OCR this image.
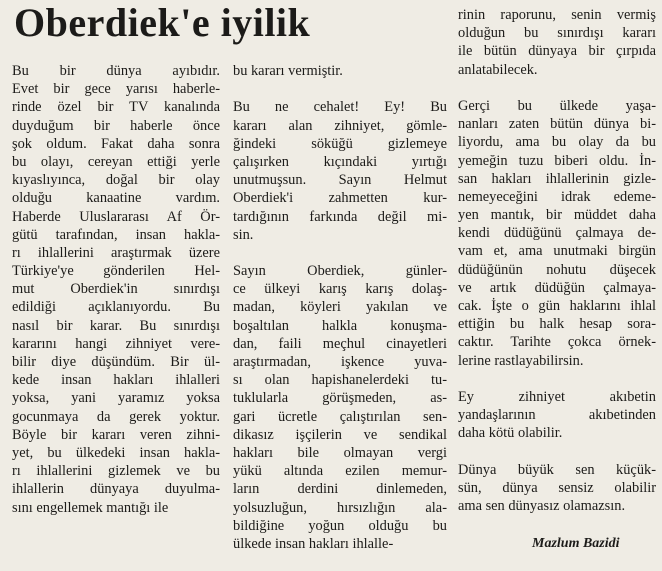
Oberdiek'e iyilik
Bu bir dünya ayıbıdır.
Evet bir gece yarısı haberle-
rinde özel bir TV kanalında
duyduğum bir haberle önce
şok oldum. Fakat daha sonra
bu olayı, cereyan ettiği yerle
kıyaslıyınca, doğal bir olay
olduğu kanaatine vardım.
Haberde Uluslararası Af Ör-
gütü tarafından, insan hakla-
rı ihlallerini araştırmak üzere
Türkiye'ye gönderilen Hel-
mut Oberdiek'in sınırdışı
edildiği açıklanıyordu. Bu
nasıl bir karar. Bu sınırdışı
kararını hangi zihniyet vere-
bilir diye düşündüm. Bir ül-
kede insan hakları ihlalleri
yoksa, yani yaramız yoksa
gocunmaya da gerek yoktur.
Böyle bir kararı veren zihni-
yet, bu ülkedeki insan hakla-
rı ihlallerini gizlemek ve bu
ihlallerin dünyaya duyulma-
sını engellemek mantığı ile
bu kararı vermiştir.
Bu ne cehalet! Ey! Bu
kararı alan zihniyet, gömle-
ğindeki söküğü gizlemeye
çalışırken kıçındaki yırtığı
unutmuşsun. Sayın Helmut
Oberdiek'i zahmetten kur-
tardığının farkında değil mi-
sin.
Sayın Oberdiek, günler-
ce ülkeyi karış karış dolaş-
madan, köyleri yakılan ve
boşaltılan halkla konuşma-
dan, faili meçhul cinayetleri
araştırmadan, işkence yuva-
sı olan hapishanelerdeki tu-
tuklularla görüşmeden, as-
gari ücretle çalıştırılan sen-
dikasız işçilerin ve sendikal
hakları bile olmayan vergi
yükü altında ezilen memur-
ların derdini dinlemeden,
yolsuzluğun, hırsızlığın ala-
bildiğine yoğun olduğu bu
ülkede insan hakları ihlalle-
rinin raporunu, senin vermiş
olduğun bu sınırdışı kararı
ile bütün dünyaya bir çırpıda
anlatabilecek.
Gerçi bu ülkede yaşa-
nanları zaten bütün dünya bi-
liyordu, ama bu olay da bu
yemeğin tuzu biberi oldu. İn-
san hakları ihlallerinin gizle-
nemeyeceğini idrak edeme-
yen mantık, bir müddet daha
kendi düdüğünü çalmaya de-
vam et, ama unutmaki birgün
düdüğünün nohutu düşecek
ve artık düdüğün çalmaya-
cak. İşte o gün haklarını ihlal
ettiğin bu halk hesap sora-
caktır. Tarihte çokca örnek-
lerine rastlayabilirsin.
Ey zihniyet akıbetin
yandaşlarının akıbetinden
daha kötü olabilir.
Dünya büyük sen küçük-
sün, dünya sensiz olabilir
ama sen dünyasız olamazsın.
Mazlum Bazidi
